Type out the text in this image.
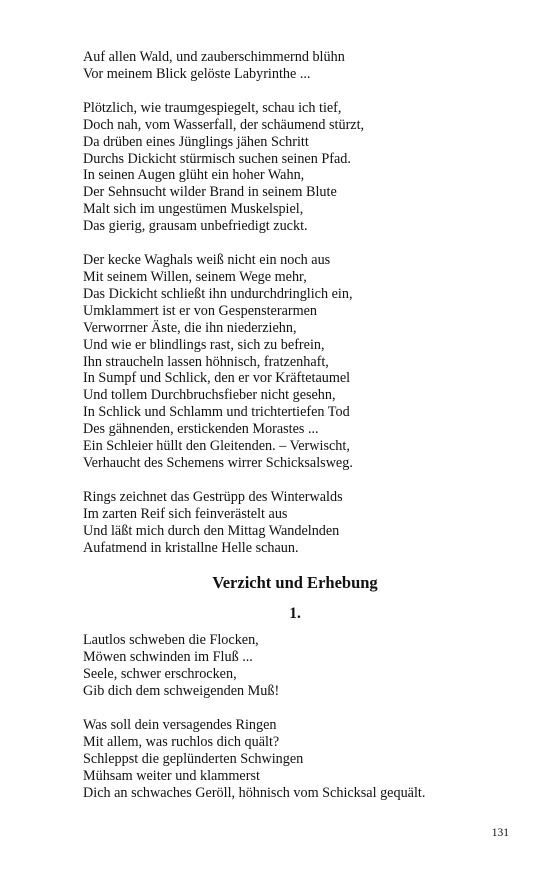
Auf allen Wald, und zauberschimmernd blühn
Vor meinem Blick gelöste Labyrinthe ...
Plötzlich, wie traumgespiegelt, schau ich tief,
Doch nah, vom Wasserfall, der schäumend stürzt,
Da drüben eines Jünglings jähen Schritt
Durchs Dickicht stürmisch suchen seinen Pfad.
In seinen Augen glüht ein hoher Wahn,
Der Sehnsucht wilder Brand in seinem Blute
Malt sich im ungestümen Muskelspiel,
Das gierig, grausam unbefriedigt zuckt.
Der kecke Waghals weiß nicht ein noch aus
Mit seinem Willen, seinem Wege mehr,
Das Dickicht schließt ihn undurchdringlich ein,
Umklammert ist er von Gespensterarmen
Verworrner Äste, die ihn niederziehn,
Und wie er blindlings rast, sich zu befrein,
Ihn straucheln lassen höhnisch, fratzenhaft,
In Sumpf und Schlick, den er vor Kräftetaumel
Und tollem Durchbruchsfieber nicht gesehn,
In Schlick und Schlamm und trichtertiefen Tod
Des gähnenden, erstickenden Morastes ...
Ein Schleier hüllt den Gleitenden. – Verwischt,
Verhaucht des Schemens wirrer Schicksalsweg.
Rings zeichnet das Gestrüpp des Winterwalds
Im zarten Reif sich feinverästelt aus
Und läßt mich durch den Mittag Wandelnden
Aufatmend in kristallne Helle schaun.
Verzicht und Erhebung
1.
Lautlos schweben die Flocken,
Möwen schwinden im Fluß ...
Seele, schwer erschrocken,
Gib dich dem schweigenden Muß!
Was soll dein versagendes Ringen
Mit allem, was ruchlos dich quält?
Schleppst die geplünderten Schwingen
Mühsam weiter und klammerst
Dich an schwaches Geröll, höhnisch vom Schicksal gequält.
131
